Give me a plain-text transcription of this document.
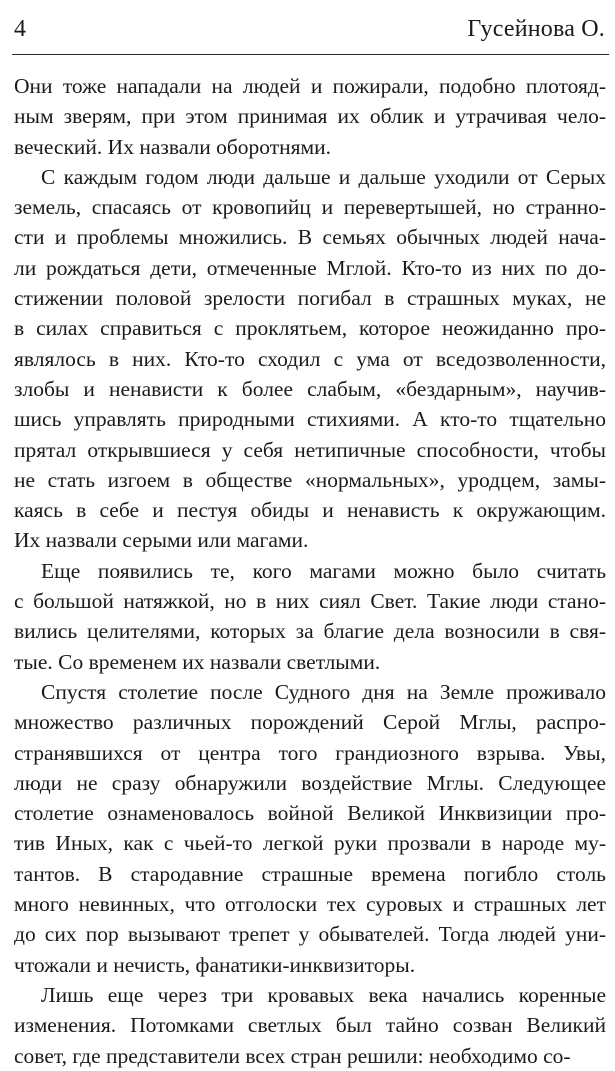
4	Гусейнова О.

Они тоже нападали на людей и пожирали, подобно плотояд-
ным зверям, при этом принимая их облик и утрачивая чело-
веческий. Их назвали оборотнями.

С каждым годом люди дальше и дальше уходили от Серых
земель, спасаясь от кровопийц и перевертышей, но странно-
сти и проблемы множились. В семьях обычных людей нача-
ли рождаться дети, отмеченные Мглой. Кто-то из них по до-
стижении половой зрелости погибал в страшных муках, не
в силах справиться с проклятьем, которое неожиданно про-
являлось в них. Кто-то сходил с ума от вседозволенности,
злобы и ненависти к более слабым, «бездарным», научив-
шись управлять природными стихиями. А кто-то тщательно
прятал открывшиеся у себя нетипичные способности, чтобы
не стать изгоем в обществе «нормальных», уродцем, замы-
каясь в себе и пестуя обиды и ненависть к окружающим.
Их назвали серыми или магами.

Еще появились те, кого магами можно было считать
с большой натяжкой, но в них сиял Свет. Такие люди стано-
вились целителями, которых за благие дела возносили в свя-
тые. Со временем их назвали светлыми.

Спустя столетие после Судного дня на Земле проживало
множество различных порождений Серой Мглы, распро-
странявшихся от центра того грандиозного взрыва. Увы,
люди не сразу обнаружили воздействие Мглы. Следующее
столетие ознаменовалось войной Великой Инквизиции про-
тив Иных, как с чьей-то легкой руки прозвали в народе му-
тантов. В стародавние страшные времена погибло столь
много невинных, что отголоски тех суровых и страшных лет
до сих пор вызывают трепет у обывателей. Тогда людей уни-
чтожали и нечисть, фанатики-инквизиторы.

Лишь еще через три кровавых века начались коренные
изменения. Потомками светлых был тайно созван Великий
совет, где представители всех стран решили: необходимо со-
